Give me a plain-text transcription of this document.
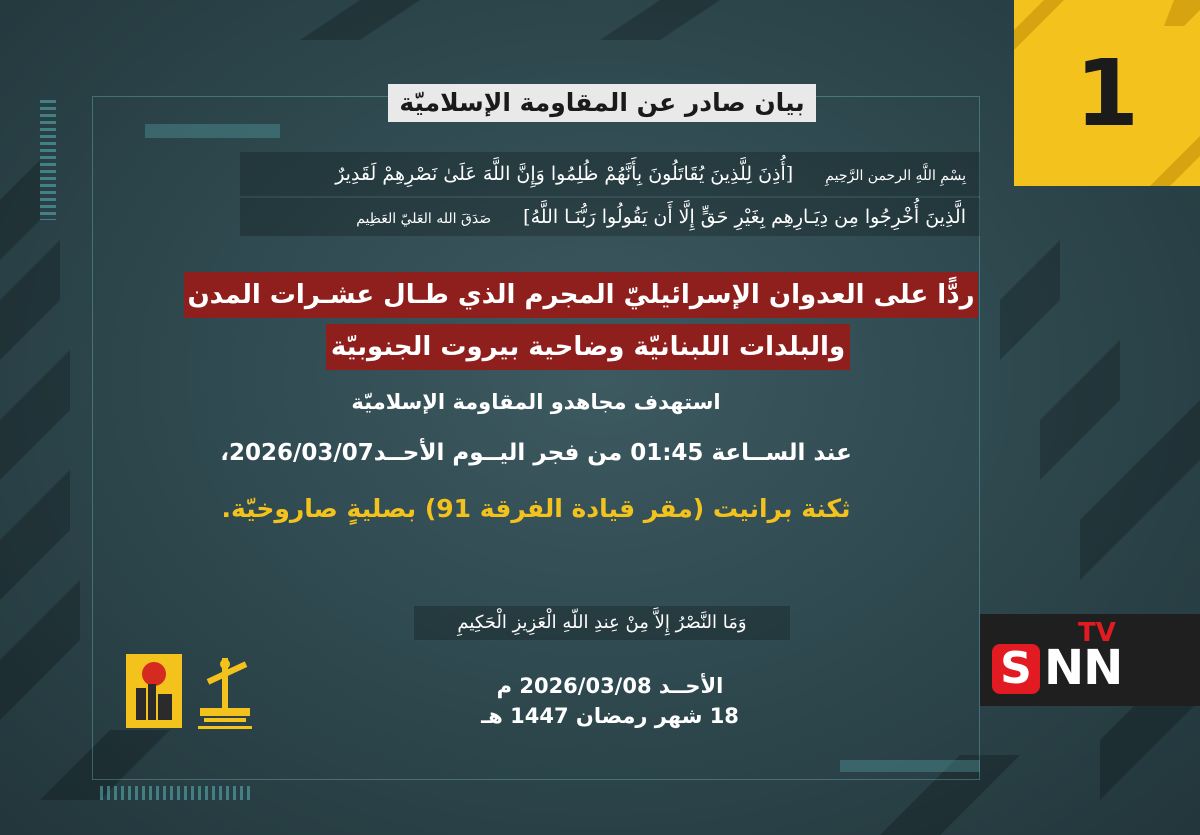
1
بيان صادر عن المقاومة الإسلاميّة
بِسْمِ اللَّهِ الرحمن الرَّحِيمِ [أُذِنَ لِلَّذِينَ يُقَاتَلُونَ بِأَنَّهُمْ ظُلِمُوا وَإِنَّ اللَّهَ عَلَىٰ نَصْرِهِمْ لَقَدِيرٌ
الَّذِينَ أُخْرِجُوا مِن دِيَـارِهِم بِغَيْرِ حَقٍّ إِلَّا أَن يَقُولُوا رَبُّنَـا اللَّهُ] صَدَقَ الله العَليّ العَظِيم
ردًّا على العدوان الإسرائيليّ المجرم الذي طـال عشـرات المدن
والبلدات اللبنانيّة وضاحية بيروت الجنوبيّة
استهدف مجاهدو المقاومة الإسلاميّة
عند الســاعة 01:45 من فجر اليــوم الأحــد2026/03/07،
ثكنة برانيت (مقر قيادة الفرقة 91) بصليةٍ صاروخيّة.
وَمَا النَّصْرُ إِلاَّ مِنْ عِندِ اللّهِ الْعَزِيزِ الْحَكِيمِ
الأحــد 2026/03/08 م
18 شهر رمضان 1447 هـ
TV
S NN
